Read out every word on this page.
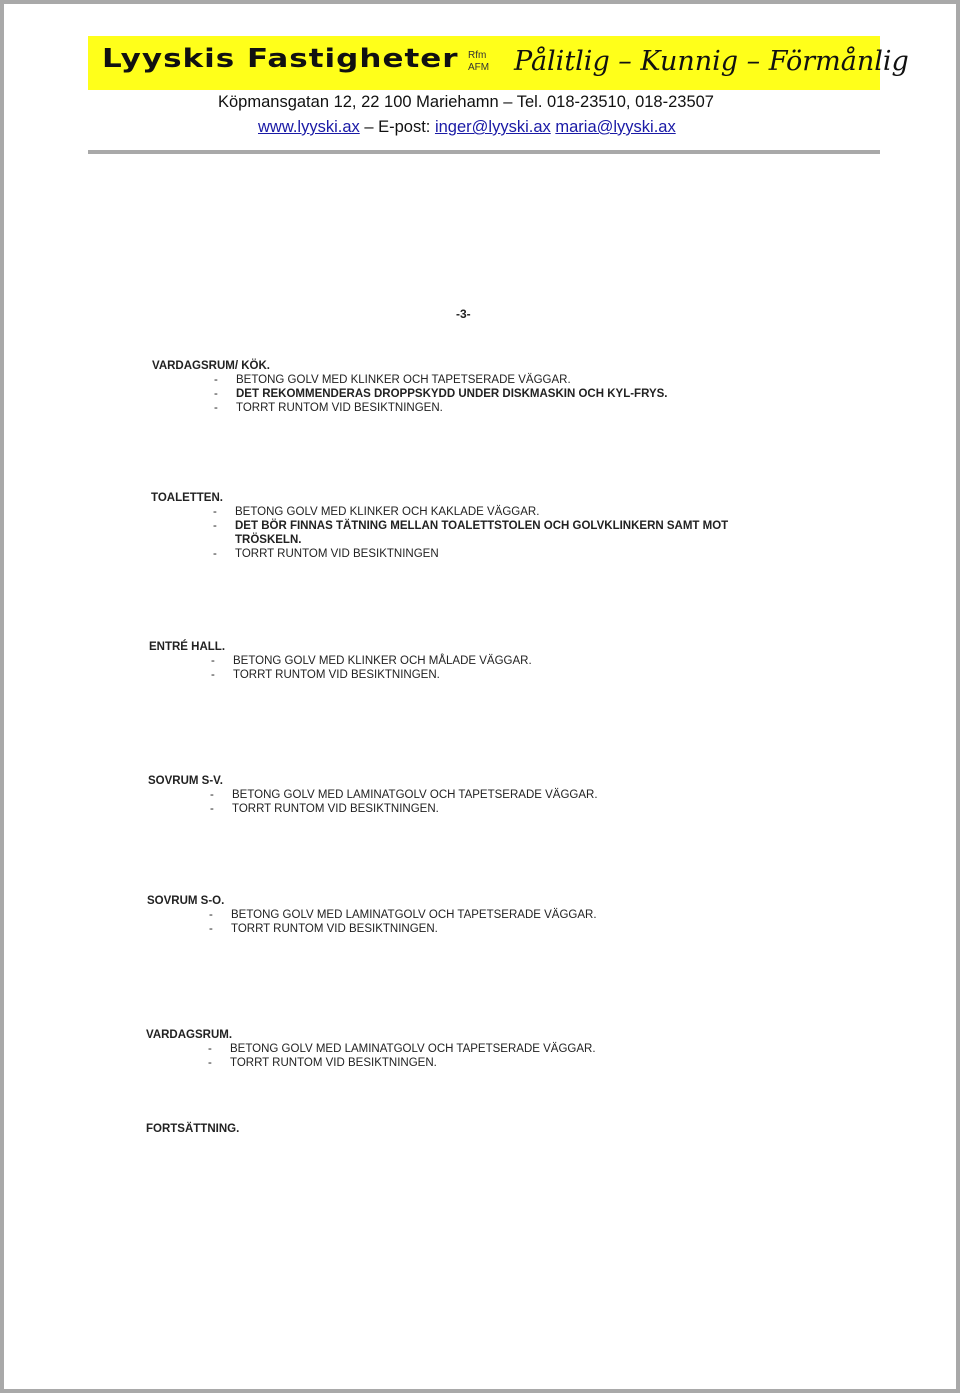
Lyyskis Fastigheter Rfm
AFM Pålitlig – Kunnig – Förmånlig
Köpmansgatan 12, 22 100 Mariehamn – Tel. 018-23510, 018-23507
www.lyyski.ax – E-post: inger@lyyski.ax maria@lyyski.ax
-3-
VARDAGSRUM/ KÖK.
-	BETONG GOLV MED KLINKER OCH TAPETSERADE VÄGGAR.
-	DET REKOMMENDERAS DROPPSKYDD UNDER DISKMASKIN OCH KYL-FRYS.
-	TORRT RUNTOM VID BESIKTNINGEN.
TOALETTEN.
-	BETONG GOLV MED KLINKER OCH KAKLADE VÄGGAR.
-	DET BÖR FINNAS TÄTNING MELLAN TOALETTSTOLEN OCH GOLVKLINKERN SAMT MOT TRÖSKELN.
-	TORRT RUNTOM VID BESIKTNINGEN
ENTRÉ HALL.
-	BETONG GOLV MED KLINKER OCH MÅLADE VÄGGAR.
-	TORRT RUNTOM VID BESIKTNINGEN.
SOVRUM S-V.
-	BETONG GOLV MED LAMINATGOLV OCH TAPETSERADE VÄGGAR.
-	TORRT RUNTOM VID BESIKTNINGEN.
SOVRUM S-O.
-	BETONG GOLV MED LAMINATGOLV OCH TAPETSERADE VÄGGAR.
-	TORRT RUNTOM VID BESIKTNINGEN.
VARDAGSRUM.
-	BETONG GOLV MED LAMINATGOLV OCH TAPETSERADE VÄGGAR.
-	TORRT RUNTOM VID BESIKTNINGEN.
FORTSÄTTNING.
